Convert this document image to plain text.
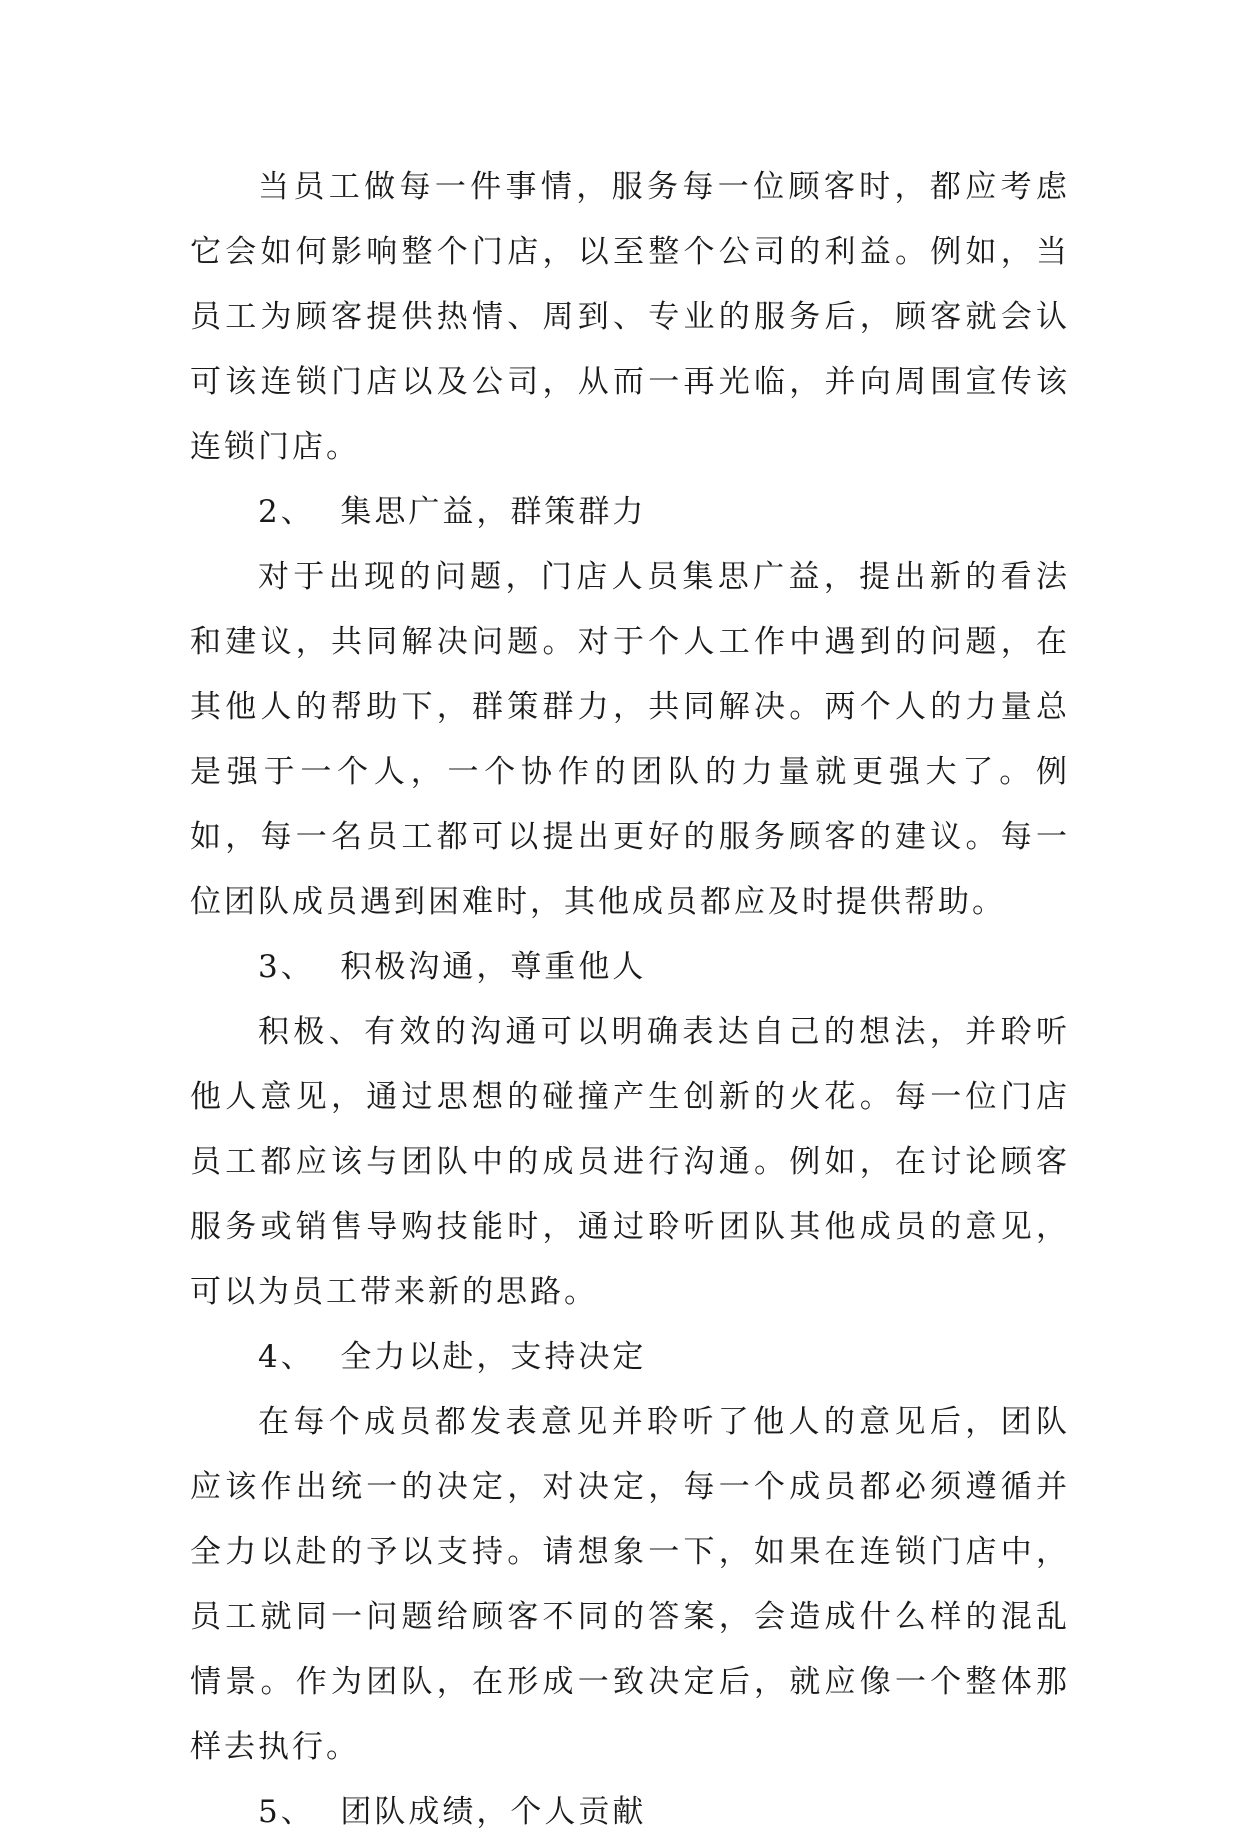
当员工做每一件事情，服务每一位顾客时，都应考虑它会如何影响整个门店，以至整个公司的利益。例如，当员工为顾客提供热情、周到、专业的服务后，顾客就会认可该连锁门店以及公司，从而一再光临，并向周围宣传该连锁门店。

2、  集思广益，群策群力

对于出现的问题，门店人员集思广益，提出新的看法和建议，共同解决问题。对于个人工作中遇到的问题，在其他人的帮助下，群策群力，共同解决。两个人的力量总是强于一个人，一个协作的团队的力量就更强大了。例如，每一名员工都可以提出更好的服务顾客的建议。每一位团队成员遇到困难时，其他成员都应及时提供帮助。

3、  积极沟通，尊重他人

积极、有效的沟通可以明确表达自己的想法，并聆听他人意见，通过思想的碰撞产生创新的火花。每一位门店员工都应该与团队中的成员进行沟通。例如，在讨论顾客服务或销售导购技能时，通过聆听团队其他成员的意见，可以为员工带来新的思路。

4、  全力以赴，支持决定

在每个成员都发表意见并聆听了他人的意见后，团队应该作出统一的决定，对决定，每一个成员都必须遵循并全力以赴的予以支持。请想象一下，如果在连锁门店中，员工就同一问题给顾客不同的答案，会造成什么样的混乱情景。作为团队，在形成一致决定后，就应像一个整体那样去执行。

5、  团队成绩，个人贡献
